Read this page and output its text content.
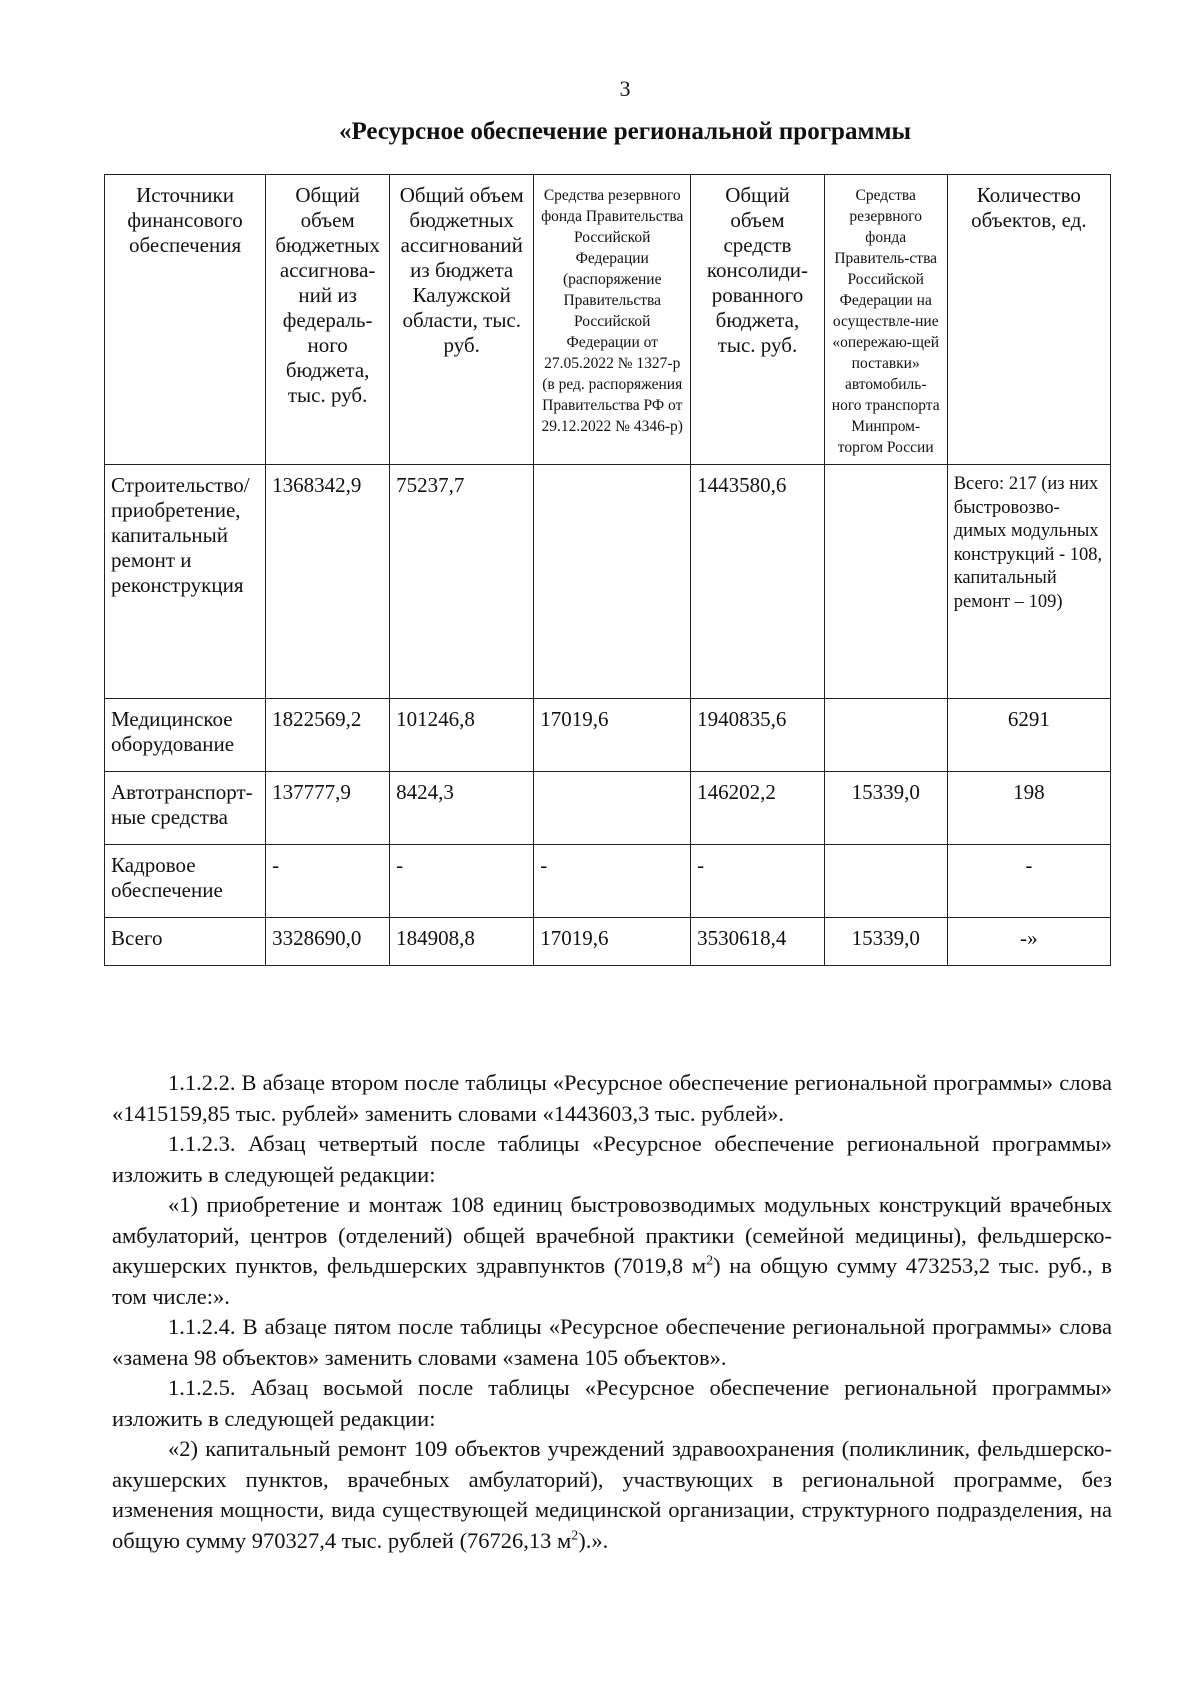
3
«Ресурсное обеспечение региональной программы
Источники финансового обеспечения	Общий объем бюджетных ассигнова-ний из федераль-ного бюджета, тыс. руб.	Общий объем бюджетных ассигнований из бюджета Калужской области, тыс. руб.	Средства резервного фонда Правительства Российской Федерации (распоряжение Правительства Российской Федерации от 27.05.2022 № 1327-р (в ред. распоряжения Правительства РФ от 29.12.2022 № 4346-р)	Общий объем средств консолиди-рованного бюджета, тыс. руб.	Средства резервного фонда Правитель-ства Российской Федерации на осуществле-ние «опережаю-щей поставки» автомобиль-ного транспорта Минпром-торгом России	Количество объектов, ед.
Строительство/ приобретение, капитальный ремонт и реконструкция	1368342,9	75237,7		1443580,6		Всего: 217 (из них быстровозво-димых модульных конструкций - 108, капитальный ремонт – 109)
Медицинское оборудование	1822569,2	101246,8	17019,6	1940835,6		6291
Автотранспорт-ные средства	137777,9	8424,3		146202,2	15339,0	198
Кадровое обеспечение	-	-	-	-		-
Всего	3328690,0	184908,8	17019,6	3530618,4	15339,0	-»

1.1.2.2. В абзаце втором после таблицы «Ресурсное обеспечение региональной программы» слова «1415159,85 тыс. рублей» заменить словами «1443603,3 тыс. рублей».

1.1.2.3. Абзац четвертый после таблицы «Ресурсное обеспечение региональной программы» изложить в следующей редакции:

«1) приобретение и монтаж 108 единиц быстровозводимых модульных конструкций врачебных амбулаторий, центров (отделений) общей врачебной практики (семейной медицины), фельдшерско-акушерских пунктов, фельдшерских здравпунктов (7019,8 $м^2$) на общую сумму 473253,2 тыс. руб., в том числе:».

1.1.2.4. В абзаце пятом после таблицы «Ресурсное обеспечение региональной программы» слова «замена 98 объектов» заменить словами «замена 105 объектов».

1.1.2.5. Абзац восьмой после таблицы «Ресурсное обеспечение региональной программы» изложить в следующей редакции:

«2) капитальный ремонт 109 объектов учреждений здравоохранения (поликлиник, фельдшерско-акушерских пунктов, врачебных амбулаторий), участвующих в региональной программе, без изменения мощности, вида существующей медицинской организации, структурного подразделения, на общую сумму 970327,4 тыс. рублей (76726,13 $м^2$).».
